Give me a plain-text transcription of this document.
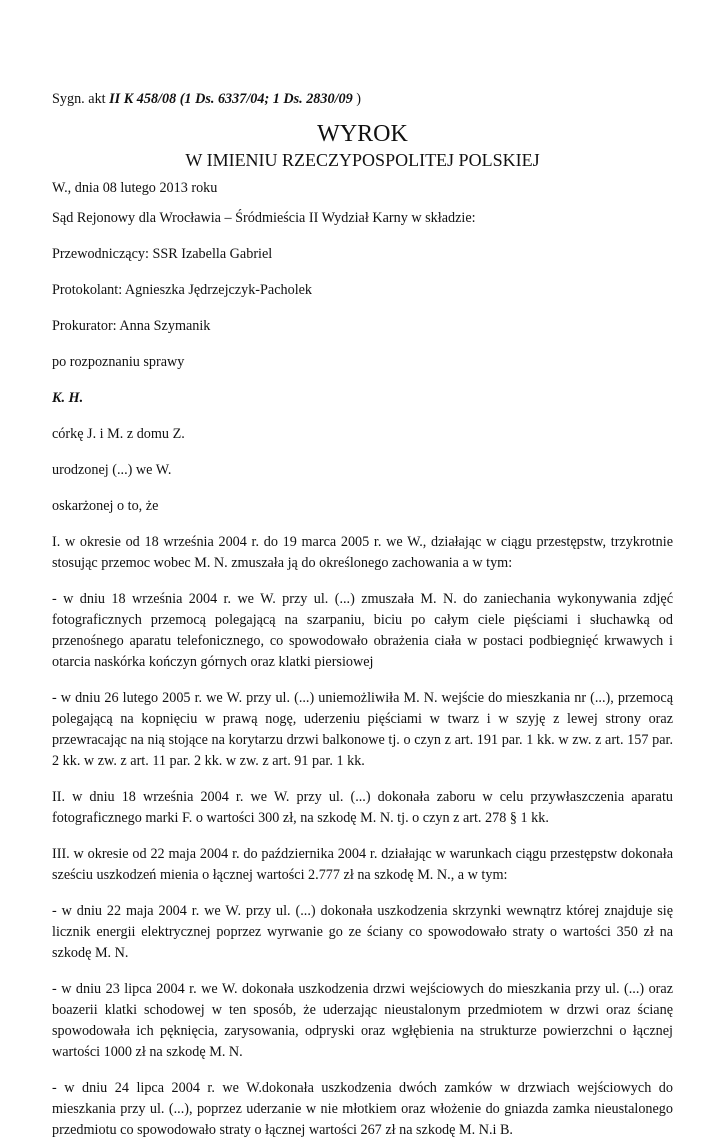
Sygn. akt II K 458/08 (1 Ds. 6337/04; 1 Ds. 2830/09 )
WYROK
W IMIENIU RZECZYPOSPOLITEJ POLSKIEJ
W., dnia 08 lutego 2013 roku
Sąd Rejonowy dla Wrocławia – Śródmieścia II Wydział Karny w składzie:
Przewodniczący: SSR Izabella Gabriel
Protokolant: Agnieszka Jędrzejczyk-Pacholek
Prokurator: Anna Szymanik
po rozpoznaniu sprawy
K. H.
córkę J. i M. z domu Z.
urodzonej (...) we W.
oskarżonej o to, że
I. w okresie od 18 września 2004 r. do 19 marca 2005 r. we W., działając w ciągu przestępstw, trzykrotnie stosując przemoc wobec M. N. zmuszała ją do określonego zachowania a w tym:
- w dniu 18 września 2004 r. we W. przy ul. (...) zmuszała M. N. do zaniechania wykonywania zdjęć fotograficznych przemocą polegającą na szarpaniu, biciu po całym ciele pięściami i słuchawką od przenośnego aparatu telefonicznego, co spowodowało obrażenia ciała w postaci podbiegnięć krwawych i otarcia naskórka kończyn górnych oraz klatki piersiowej
- w dniu 26 lutego 2005 r. we W. przy ul. (...) uniemożliwiła M. N. wejście do mieszkania nr (...), przemocą polegającą na kopnięciu w prawą nogę, uderzeniu pięściami w twarz i w szyję z lewej strony oraz przewracając na nią stojące na korytarzu drzwi balkonowe tj. o czyn z art. 191 par. 1 kk. w zw. z art. 157 par. 2 kk. w zw. z art. 11 par. 2 kk. w zw. z art. 91 par. 1 kk.
II. w dniu 18 września 2004 r. we W. przy ul. (...) dokonała zaboru w celu przywłaszczenia aparatu fotograficznego marki F. o wartości 300 zł, na szkodę M. N. tj. o czyn z art. 278 § 1 kk.
III. w okresie od 22 maja 2004 r. do października 2004 r. działając w warunkach ciągu przestępstw dokonała sześciu uszkodzeń mienia o łącznej wartości 2.777 zł na szkodę M. N., a w tym:
- w dniu 22 maja 2004 r. we W. przy ul. (...) dokonała uszkodzenia skrzynki wewnątrz której znajduje się licznik energii elektrycznej poprzez wyrwanie go ze ściany co spowodowało straty o wartości 350 zł na szkodę M. N.
- w dniu 23 lipca 2004 r. we W. dokonała uszkodzenia drzwi wejściowych do mieszkania przy ul. (...) oraz boazerii klatki schodowej w ten sposób, że uderzając nieustalonym przedmiotem w drzwi oraz ścianę spowodowała ich pęknięcia, zarysowania, odpryski oraz wgłębienia na strukturze powierzchni o łącznej wartości 1000 zł na szkodę M. N.
- w dniu 24 lipca 2004 r. we W.dokonała uszkodzenia dwóch zamków w drzwiach wejściowych do mieszkania przy ul. (...), poprzez uderzanie w nie młotkiem oraz włożenie do gniazda zamka nieustalonego przedmiotu co spowodowało straty o łącznej wartości 267 zł na szkodę M. N.i B.
